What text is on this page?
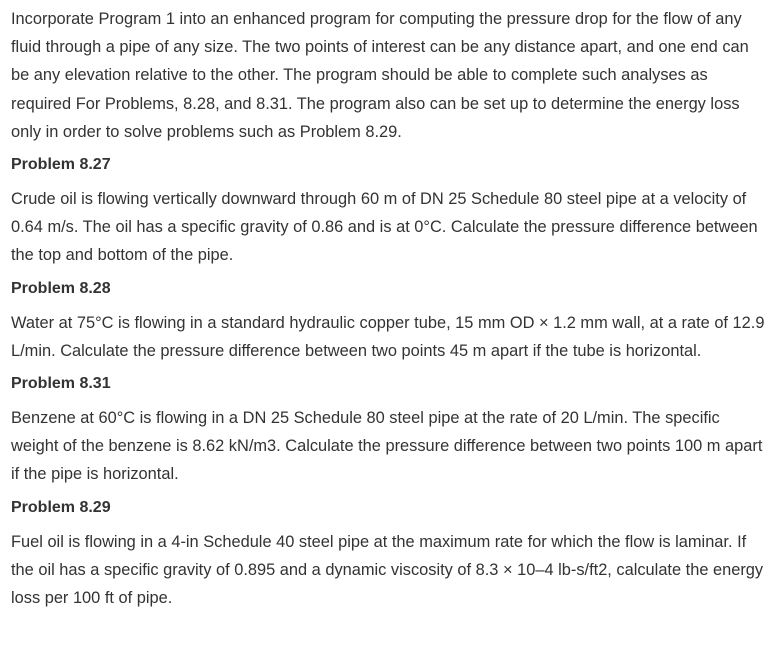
Incorporate Program 1 into an enhanced program for computing the pressure drop for the flow of any fluid through a pipe of any size. The two points of interest can be any distance apart, and one end can be any elevation relative to the other. The program should be able to complete such analyses as required For Problems, 8.28, and 8.31. The program also can be set up to determine the energy loss only in order to solve problems such as Problem 8.29.

Problem 8.27

Crude oil is flowing vertically downward through 60 m of DN 25 Schedule 80 steel pipe at a velocity of 0.64 m/s. The oil has a specific gravity of 0.86 and is at 0°C. Calculate the pressure difference between the top and bottom of the pipe.

Problem 8.28

Water at 75°C is flowing in a standard hydraulic copper tube, 15 mm OD × 1.2 mm wall, at a rate of 12.9 L/min. Calculate the pressure difference between two points 45 m apart if the tube is horizontal.

Problem 8.31

Benzene at 60°C is flowing in a DN 25 Schedule 80 steel pipe at the rate of 20 L/min. The specific weight of the benzene is 8.62 kN/m3. Calculate the pressure difference between two points 100 m apart if the pipe is horizontal.

Problem 8.29

Fuel oil is flowing in a 4-in Schedule 40 steel pipe at the maximum rate for which the flow is laminar. If the oil has a specific gravity of 0.895 and a dynamic viscosity of 8.3 × 10–4 lb-s/ft2, calculate the energy loss per 100 ft of pipe.
